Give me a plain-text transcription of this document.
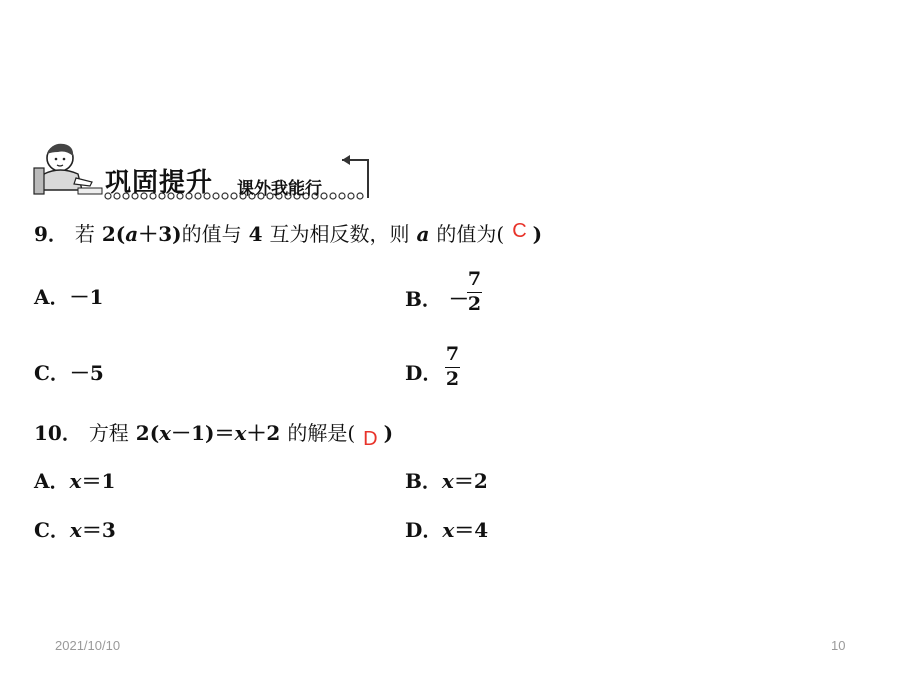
巩固提升 课外我能行
9． 若 2(a＋3)的值与 4 互为相反数，则 a 的值为( C )
A．－1	B． －
7
2
C．－5	D．
7
2
10． 方程 2(x－1)＝x＋2 的解是( D )
A．x＝1	B．x＝2
C．x＝3	D．x＝4
2021/10/10	10
